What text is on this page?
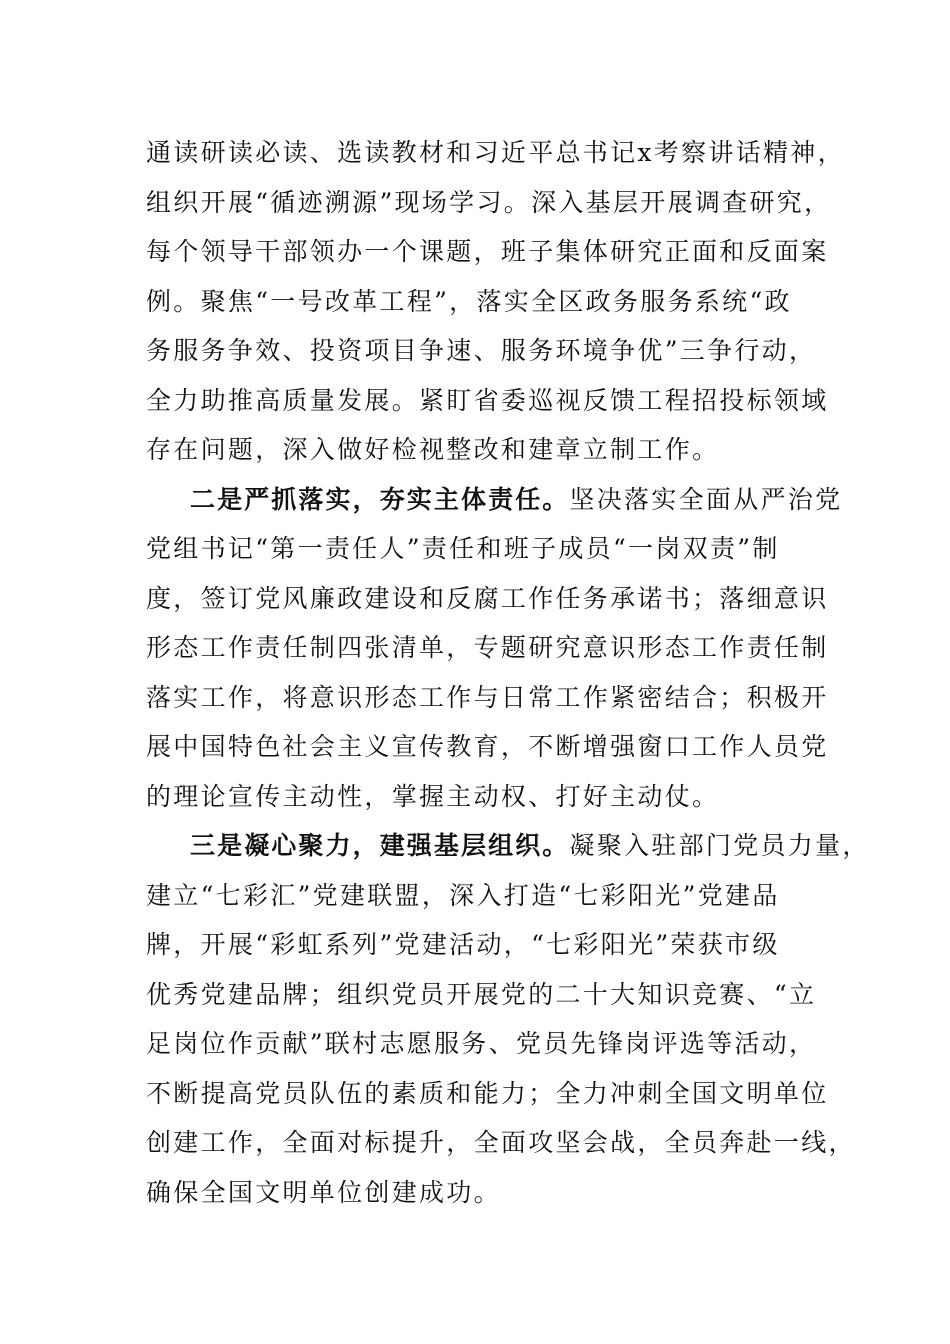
通读研读必读、选读教材和习近平总书记x考察讲话精神，
组织开展“循迹溯源”现场学习。深入基层开展调查研究，
每个领导干部领办一个课题，班子集体研究正面和反面案
例。聚焦“一号改革工程”，落实全区政务服务系统“政
务服务争效、投资项目争速、服务环境争优”三争行动，
全力助推高质量发展。紧盯省委巡视反馈工程招投标领域
存在问题，深入做好检视整改和建章立制工作。
二是严抓落实，夯实主体责任。坚决落实全面从严治党
党组书记“第一责任人”责任和班子成员“一岗双责”制
度，签订党风廉政建设和反腐工作任务承诺书；落细意识
形态工作责任制四张清单，专题研究意识形态工作责任制
落实工作，将意识形态工作与日常工作紧密结合；积极开
展中国特色社会主义宣传教育，不断增强窗口工作人员党
的理论宣传主动性，掌握主动权、打好主动仗。
三是凝心聚力，建强基层组织。凝聚入驻部门党员力量，
建立“七彩汇”党建联盟，深入打造“七彩阳光”党建品
牌，开展“彩虹系列”党建活动，“七彩阳光”荣获市级
优秀党建品牌；组织党员开展党的二十大知识竞赛、“立
足岗位作贡献”联村志愿服务、党员先锋岗评选等活动，
不断提高党员队伍的素质和能力；全力冲刺全国文明单位
创建工作，全面对标提升，全面攻坚会战，全员奔赴一线，
确保全国文明单位创建成功。
